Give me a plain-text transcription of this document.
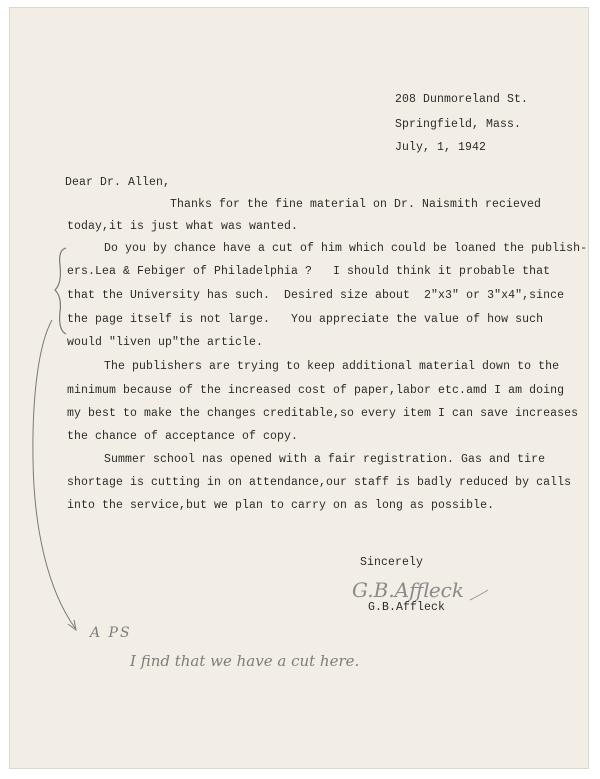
208 Dunmoreland St.
Springfield, Mass.
July, 1, 1942
Dear Dr. Allen,
Thanks for the fine material on Dr. Naismith recieved
today,it is just what was wanted.
Do you by chance have a cut of him which could be loaned the publish-
ers.Lea & Febiger of Philadelphia ?   I should think it probable that
that the University has such.  Desired size about  2"x3" or 3"x4",since
the page itself is not large.   You appreciate the value of how such
would "liven up"the article.
The publishers are trying to keep additional material down to the
minimum because of the increased cost of paper,labor etc.amd I am doing
my best to make the changes creditable,so every item I can save increases
the chance of acceptance of copy.
Summer school nas opened with a fair registration. Gas and tire
shortage is cutting in on attendance,our staff is badly reduced by calls
into the service,but we plan to carry on as long as possible.
Sincerely
G.B.Affleck
G.B.Affleck
A PS
I find that we have a cut here.
